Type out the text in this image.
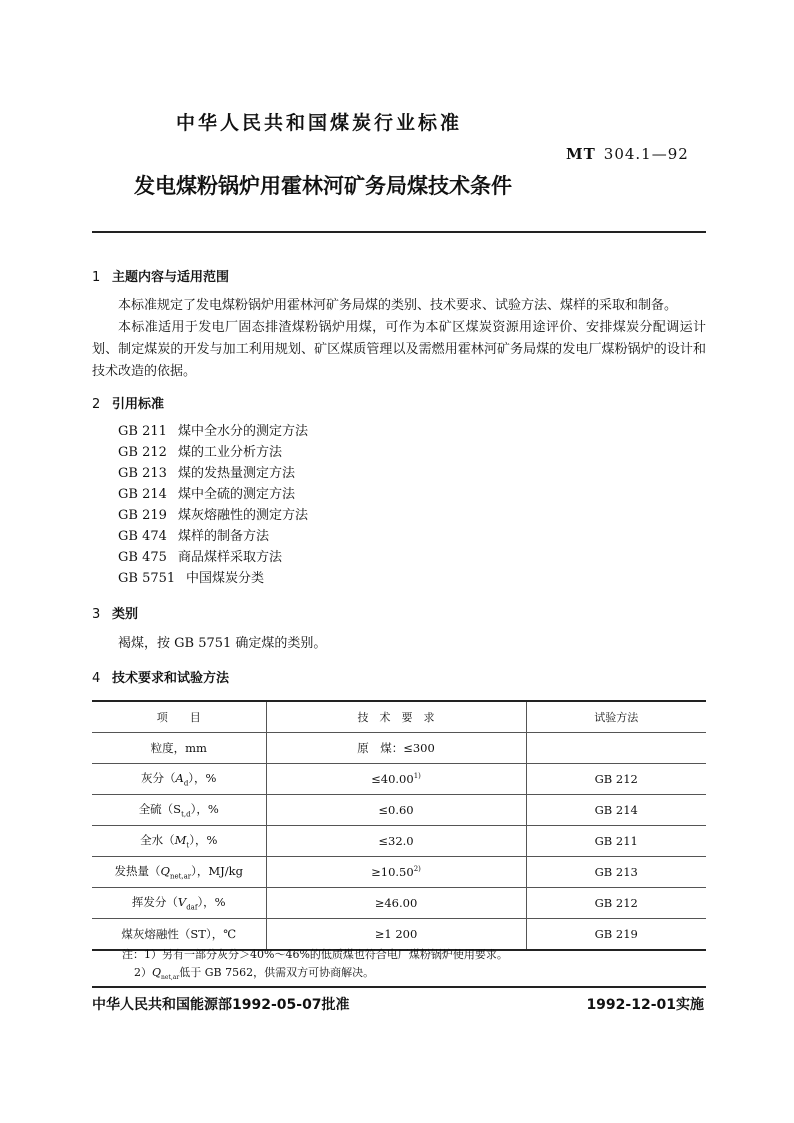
中华人民共和国煤炭行业标准
MT 304.1—92
发电煤粉锅炉用霍林河矿务局煤技术条件
1 主题内容与适用范围
本标准规定了发电煤粉锅炉用霍林河矿务局煤的类别、技术要求、试验方法、煤样的采取和制备。
本标准适用于发电厂固态排渣煤粉锅炉用煤，可作为本矿区煤炭资源用途评价、安排煤炭分配调运计划、制定煤炭的开发与加工利用规划、矿区煤质管理以及需燃用霍林河矿务局煤的发电厂煤粉锅炉的设计和技术改造的依据。
2 引用标准
GB 211 煤中全水分的测定方法
GB 212 煤的工业分析方法
GB 213 煤的发热量测定方法
GB 214 煤中全硫的测定方法
GB 219 煤灰熔融性的测定方法
GB 474 煤样的制备方法
GB 475 商品煤样采取方法
GB 5751 中国煤炭分类
3 类别
褐煤，按 GB 5751 确定煤的类别。
4 技术要求和试验方法
项　　目	技　术　要　求	试验方法
粒度，mm	原　煤：≤300	
灰分$(A_d)$，%	$\le 40.00^{1)}$	GB 212
全硫$(S_{t,d})$，%	≤0.60	GB 214
全水$(M_t)$，%	≤32.0	GB 211
发热量$(Q_{net,ar})$，MJ/kg	$\ge 10.50^{2)}$	GB 213
挥发分$(V_{daf})$，%	≥46.00	GB 212
煤灰熔融性（ST），℃	≥1 200	GB 219
注：1）另有一部分灰分＞40%～46%的低质煤也符合电厂煤粉锅炉使用要求。
$2)Q_{net,ar}$低于 GB 7562，供需双方可协商解决。
中华人民共和国能源部1992-05-07批准	1992-12-01实施
